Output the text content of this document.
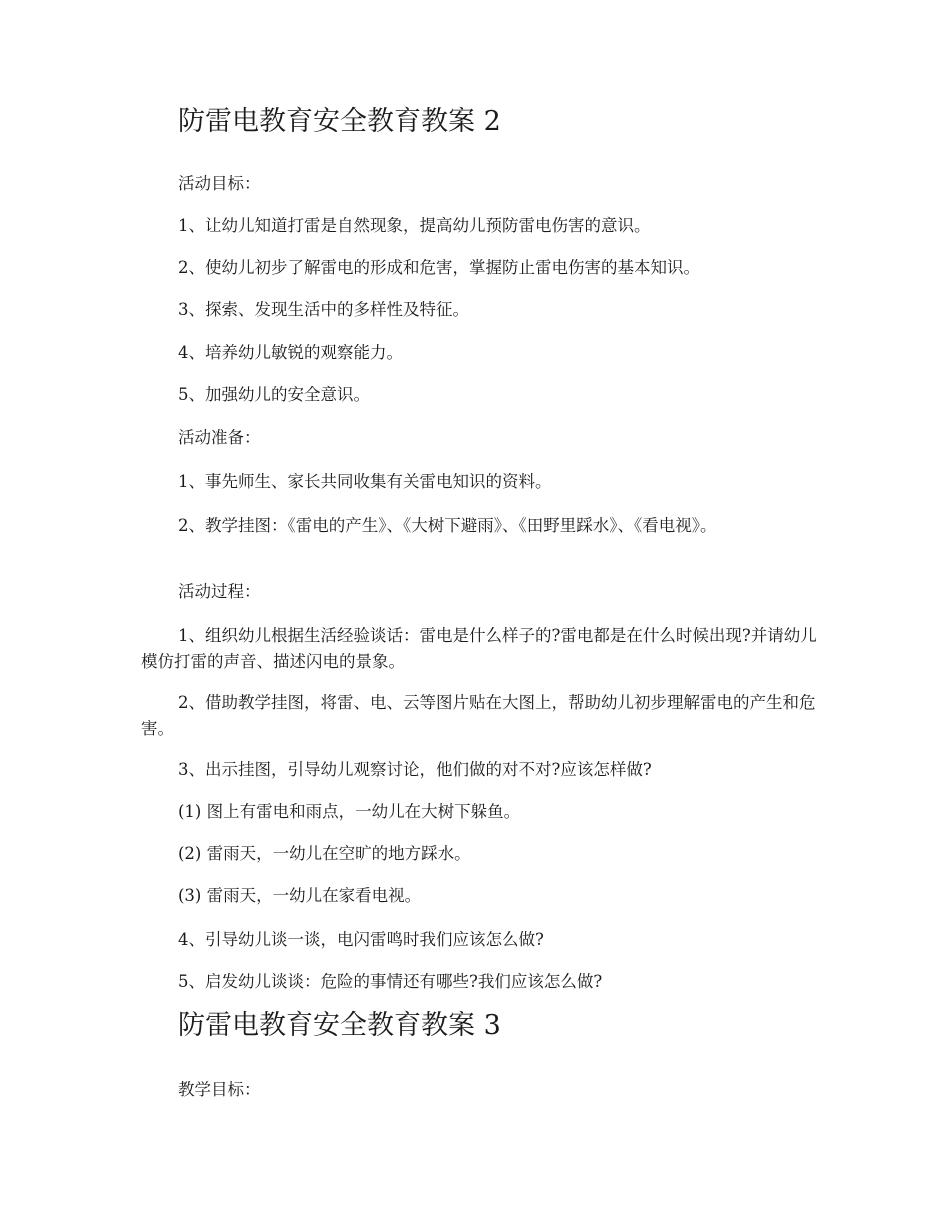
防雷电教育安全教育教案 2

活动目标：

1、让幼儿知道打雷是自然现象，提高幼儿预防雷电伤害的意识。

2、使幼儿初步了解雷电的形成和危害，掌握防止雷电伤害的基本知识。

3、探索、发现生活中的多样性及特征。

4、培养幼儿敏锐的观察能力。

5、加强幼儿的安全意识。

活动准备：

1、事先师生、家长共同收集有关雷电知识的资料。

2、教学挂图：《雷电的产生》、《大树下避雨》、《田野里踩水》、《看电视》。

活动过程：

1、组织幼儿根据生活经验谈话：雷电是什么样子的?雷电都是在什么时候出现?并请幼儿模仿打雷的声音、描述闪电的景象。

2、借助教学挂图，将雷、电、云等图片贴在大图上，帮助幼儿初步理解雷电的产生和危害。

3、出示挂图，引导幼儿观察讨论，他们做的对不对?应该怎样做?

(1) 图上有雷电和雨点，一幼儿在大树下躲鱼。

(2) 雷雨天，一幼儿在空旷的地方踩水。

(3) 雷雨天，一幼儿在家看电视。

4、引导幼儿谈一谈，电闪雷鸣时我们应该怎么做?

5、启发幼儿谈谈：危险的事情还有哪些?我们应该怎么做?

防雷电教育安全教育教案 3

教学目标：
